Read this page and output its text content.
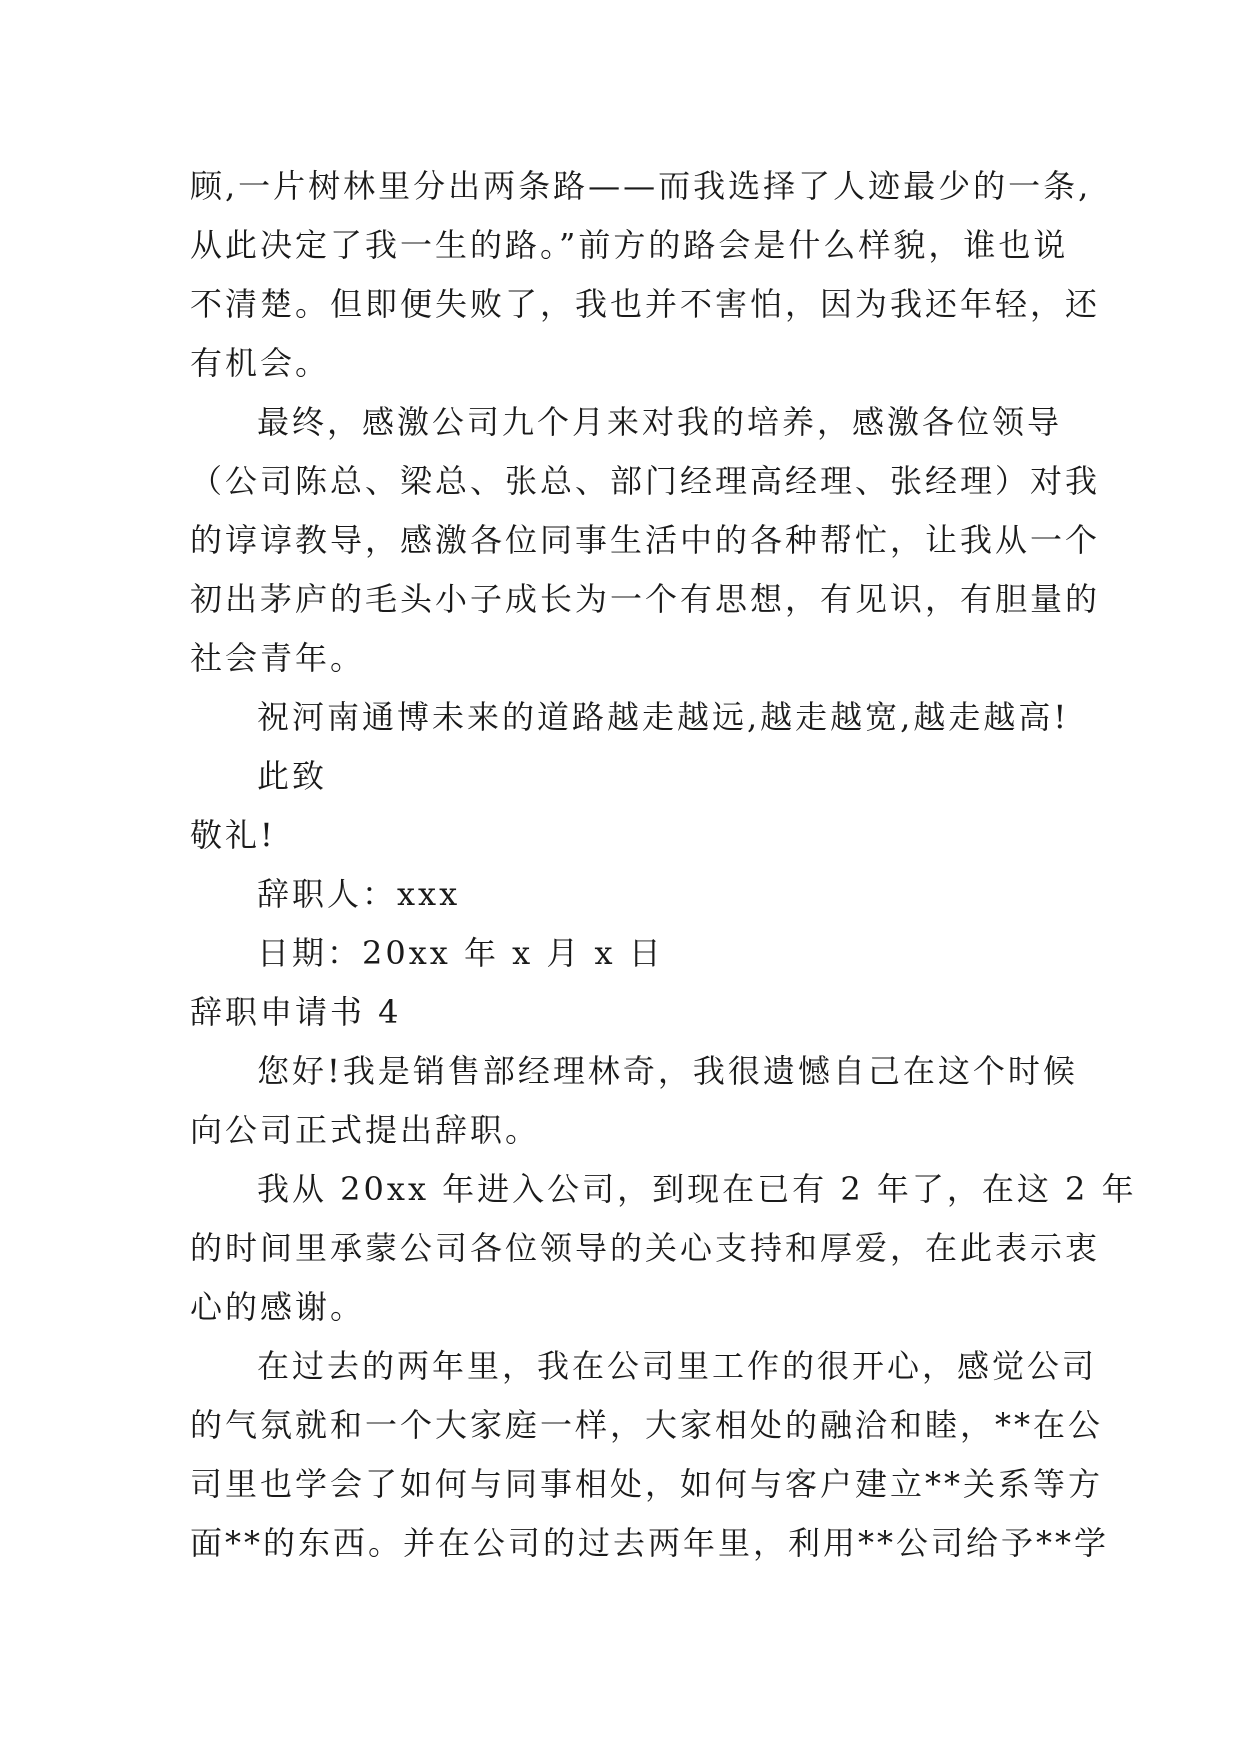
顾,一片树林里分出两条路——而我选择了人迹最少的一条,
从此决定了我一生的路。”前方的路会是什么样貌，谁也说
不清楚。但即便失败了，我也并不害怕，因为我还年轻，还
有机会。
最终，感激公司九个月来对我的培养，感激各位领导
（公司陈总、梁总、张总、部门经理高经理、张经理）对我
的谆谆教导，感激各位同事生活中的各种帮忙，让我从一个
初出茅庐的毛头小子成长为一个有思想，有见识，有胆量的
社会青年。
祝河南通博未来的道路越走越远,越走越宽,越走越高!
此致
敬礼!
辞职人：xxx
日期：20xx 年 x 月 x 日
辞职申请书 4
您好!我是销售部经理林奇，我很遗憾自己在这个时候
向公司正式提出辞职。
我从 20xx 年进入公司，到现在已有 2 年了，在这 2 年
的时间里承蒙公司各位领导的关心支持和厚爱，在此表示衷
心的感谢。
在过去的两年里，我在公司里工作的很开心，感觉公司
的气氛就和一个大家庭一样，大家相处的融洽和睦，**在公
司里也学会了如何与同事相处，如何与客户建立**关系等方
面**的东西。并在公司的过去两年里，利用**公司给予**学
